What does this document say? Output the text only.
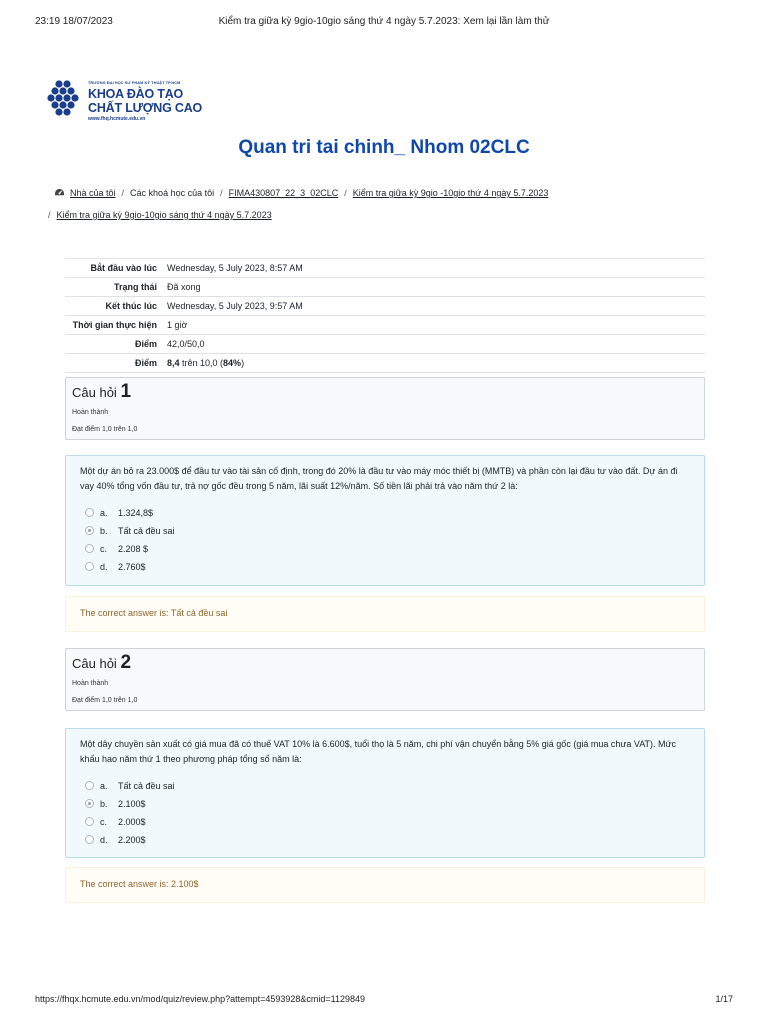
23:19 18/07/2023	Kiểm tra giữa kỳ 9gio-10gio sáng thứ 4 ngày 5.7.2023: Xem lại lần làm thử
TRƯỜNG ĐẠI HỌC SƯ PHẠM KỸ THUẬT TP.HCM
KHOA ĐÀO TẠO
CHẤT LƯỢNG CAO
www.fhq.hcmute.edu.vn
Quan tri tai chinh_ Nhom 02CLC
Nhà của tôi / Các khoá học của tôi / FIMA430807_22_3_02CLC / Kiểm tra giữa kỳ 9gio -10gio thứ 4 ngày 5.7.2023
/ Kiểm tra giữa kỳ 9gio-10gio sáng thứ 4 ngày 5.7.2023
Bắt đầu vào lúc	Wednesday, 5 July 2023, 8:57 AM
Trạng thái	Đã xong
Kết thúc lúc	Wednesday, 5 July 2023, 9:57 AM
Thời gian thực hiện	1 giờ
Điểm	42,0/50,0
Điểm	8,4 trên 10,0 (84%)
Câu hỏi 1
Hoàn thành
Đạt điểm 1,0 trên 1,0
Một dự án bỏ ra 23.000$ để đầu tư vào tài sản cố định, trong đó 20% là đầu tư vào máy móc thiết bị (MMTB) và phần còn lại đầu tư vào đất. Dự án đi vay 40% tổng vốn đầu tư, trả nợ gốc đều trong 5 năm, lãi suất 12%/năm. Số tiền lãi phải trả vào năm thứ 2 là:
a. 1.324,8$
b. Tất cả đều sai
c. 2.208 $
d. 2.760$
The correct answer is: Tất cả đều sai
Câu hỏi 2
Hoàn thành
Đạt điểm 1,0 trên 1,0
Một dây chuyền sản xuất có giá mua đã có thuế VAT 10% là 6.600$, tuổi thọ là 5 năm, chi phí vận chuyển bằng 5% giá gốc (giá mua chưa VAT). Mức khấu hao năm thứ 1 theo phương pháp tổng số năm là:
a. Tất cả đều sai
b. 2.100$
c. 2.000$
d. 2.200$
The correct answer is: 2.100$
https://fhqx.hcmute.edu.vn/mod/quiz/review.php?attempt=4593928&cmid=1129849	1/17
